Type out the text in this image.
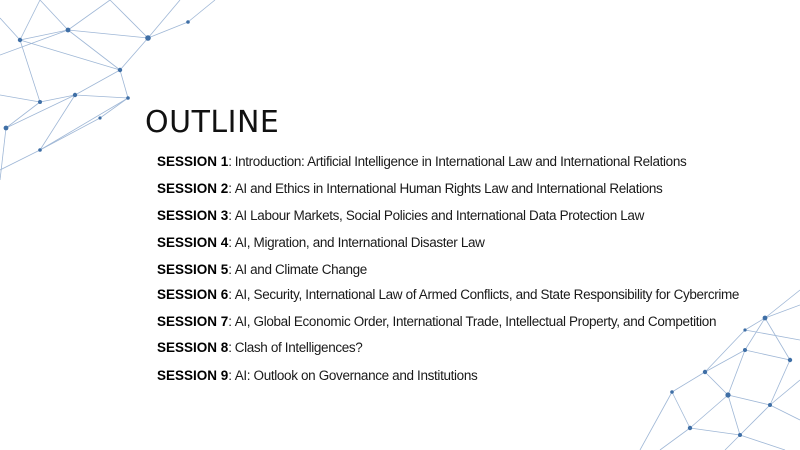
OUTLINE
SESSION 1: Introduction: Artificial Intelligence in International Law and International Relations
SESSION 2: AI and Ethics in International Human Rights Law and International Relations
SESSION 3: AI Labour Markets, Social Policies and International Data Protection Law
SESSION 4: AI, Migration, and International Disaster Law
SESSION 5: AI and Climate Change
SESSION 6: AI, Security, International Law of Armed Conflicts, and State Responsibility for Cybercrime
SESSION 7: AI, Global Economic Order, International Trade, Intellectual Property, and Competition
SESSION 8: Clash of Intelligences?
SESSION 9: AI: Outlook on Governance and Institutions
